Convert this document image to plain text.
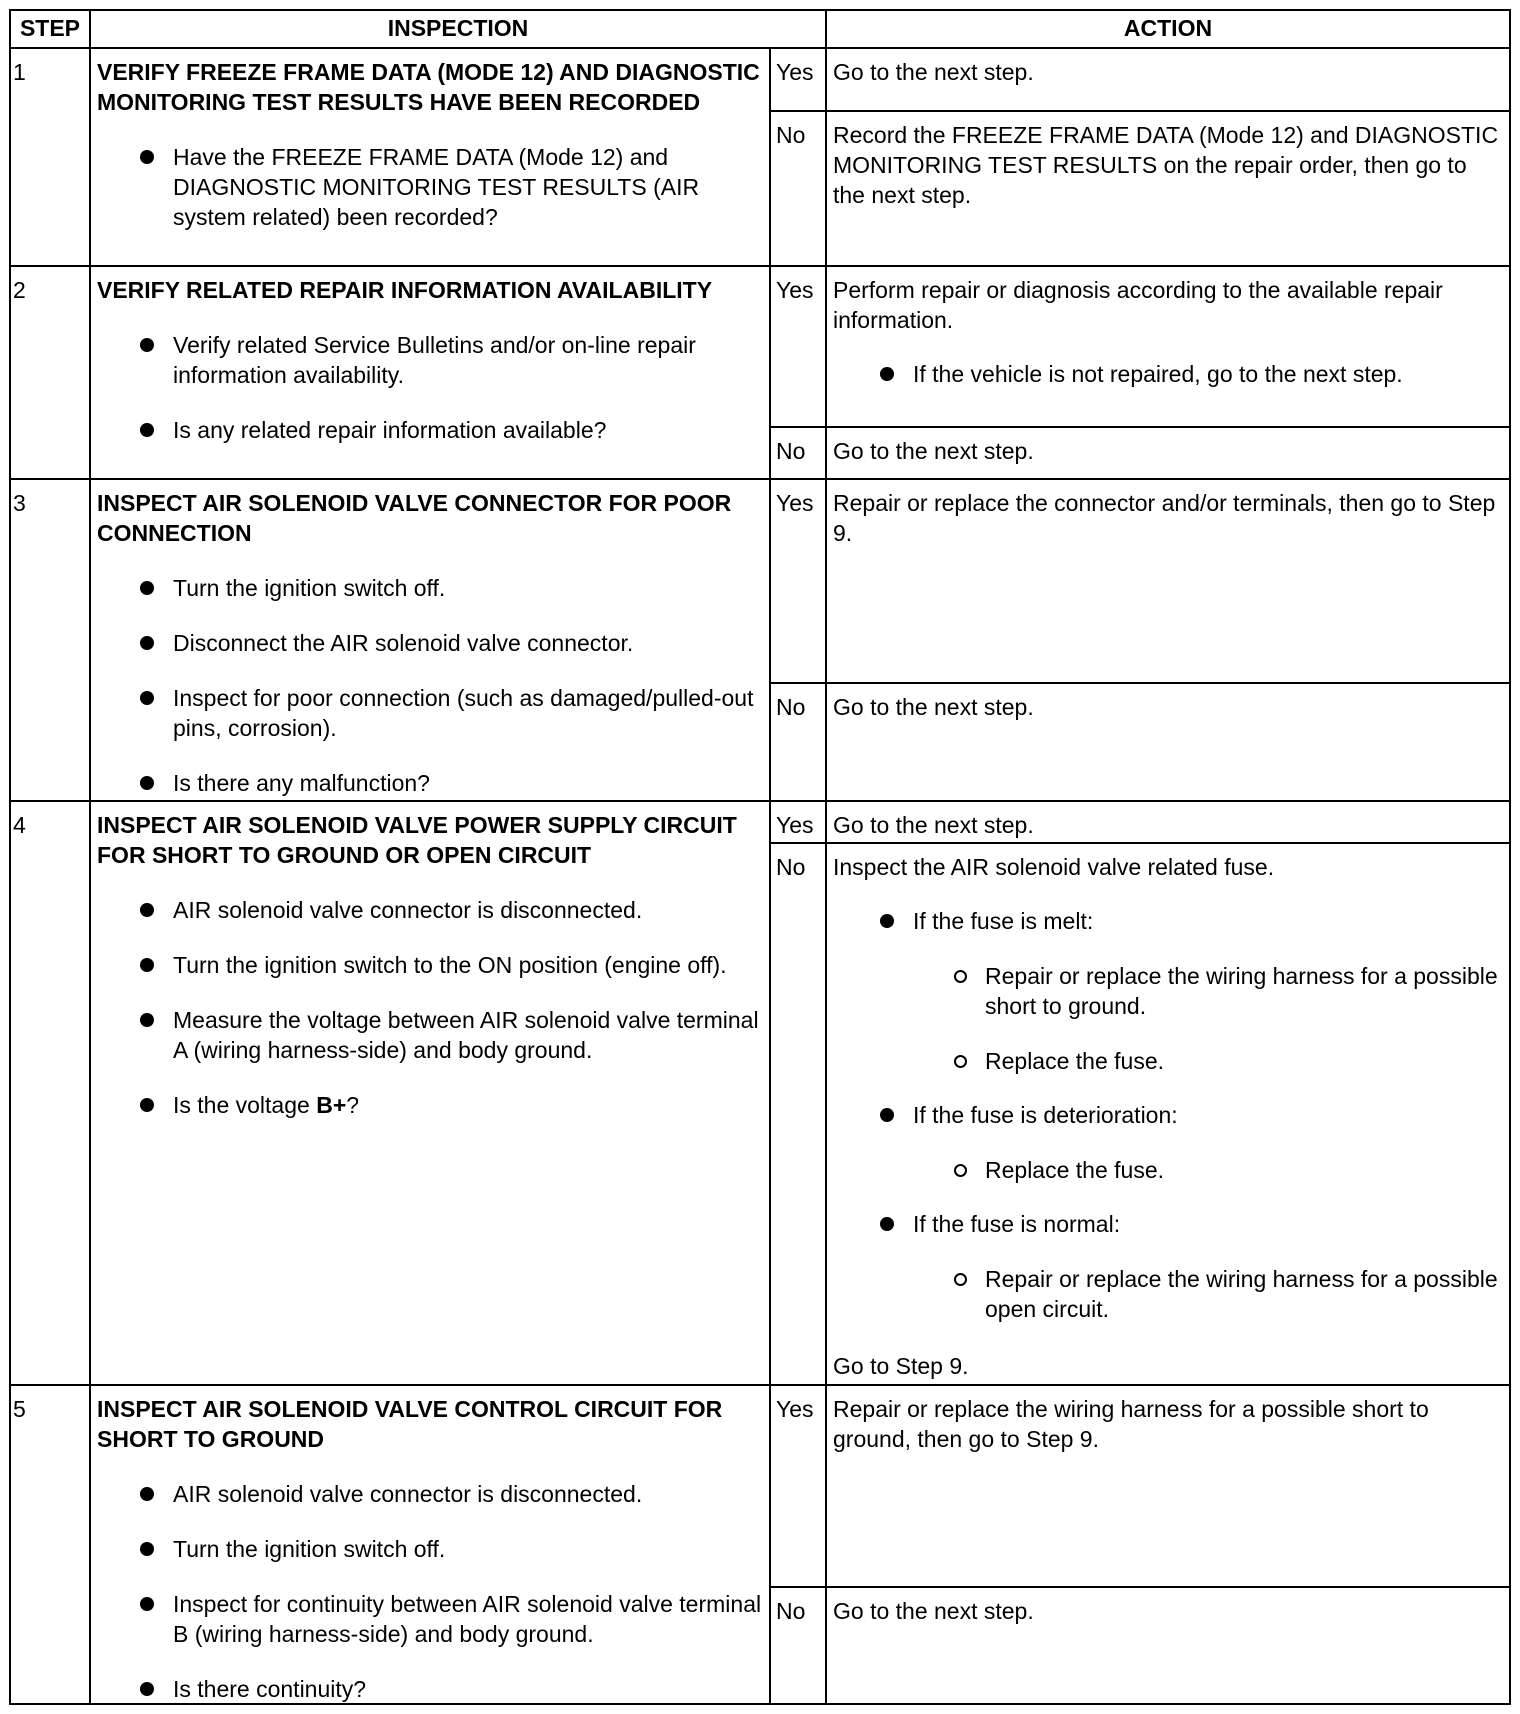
STEP	INSPECTION	ACTION
1	VERIFY FREEZE FRAME DATA (MODE 12) AND DIAGNOSTIC MONITORING TEST RESULTS HAVE BEEN RECORDED
Have the FREEZE FRAME DATA (Mode 12) and DIAGNOSTIC MONITORING TEST RESULTS (AIR system related) been recorded?
Yes Go to the next step.
No	Record the FREEZE FRAME DATA (Mode 12) and DIAGNOSTIC MONITORING TEST RESULTS on the repair order, then go to the next step.
2	VERIFY RELATED REPAIR INFORMATION AVAILABILITY
Verify related Service Bulletins and/or on-line repair information availability.
Is any related repair information available?
Yes Perform repair or diagnosis according to the available repair information.
If the vehicle is not repaired, go to the next step.
No	Go to the next step.
3	INSPECT AIR SOLENOID VALVE CONNECTOR FOR POOR CONNECTION
Turn the ignition switch off.
Disconnect the AIR solenoid valve connector.
Inspect for poor connection (such as damaged/pulled-out pins, corrosion).
Is there any malfunction?
Yes Repair or replace the connector and/or terminals, then go to Step 9.
No	Go to the next step.
4	INSPECT AIR SOLENOID VALVE POWER SUPPLY CIRCUIT FOR SHORT TO GROUND OR OPEN CIRCUIT
AIR solenoid valve connector is disconnected.
Turn the ignition switch to the ON position (engine off).
Measure the voltage between AIR solenoid valve terminal A (wiring harness-side) and body ground.
Is the voltage B+?
Yes Go to the next step.
No	Inspect the AIR solenoid valve related fuse.
If the fuse is melt:
Repair or replace the wiring harness for a possible short to ground.
Replace the fuse.
If the fuse is deterioration:
Replace the fuse.
If the fuse is normal:
Repair or replace the wiring harness for a possible open circuit.
Go to Step 9.
5	INSPECT AIR SOLENOID VALVE CONTROL CIRCUIT FOR SHORT TO GROUND
AIR solenoid valve connector is disconnected.
Turn the ignition switch off.
Inspect for continuity between AIR solenoid valve terminal B (wiring harness-side) and body ground.
Is there continuity?
Yes Repair or replace the wiring harness for a possible short to ground, then go to Step 9.
No	Go to the next step.
